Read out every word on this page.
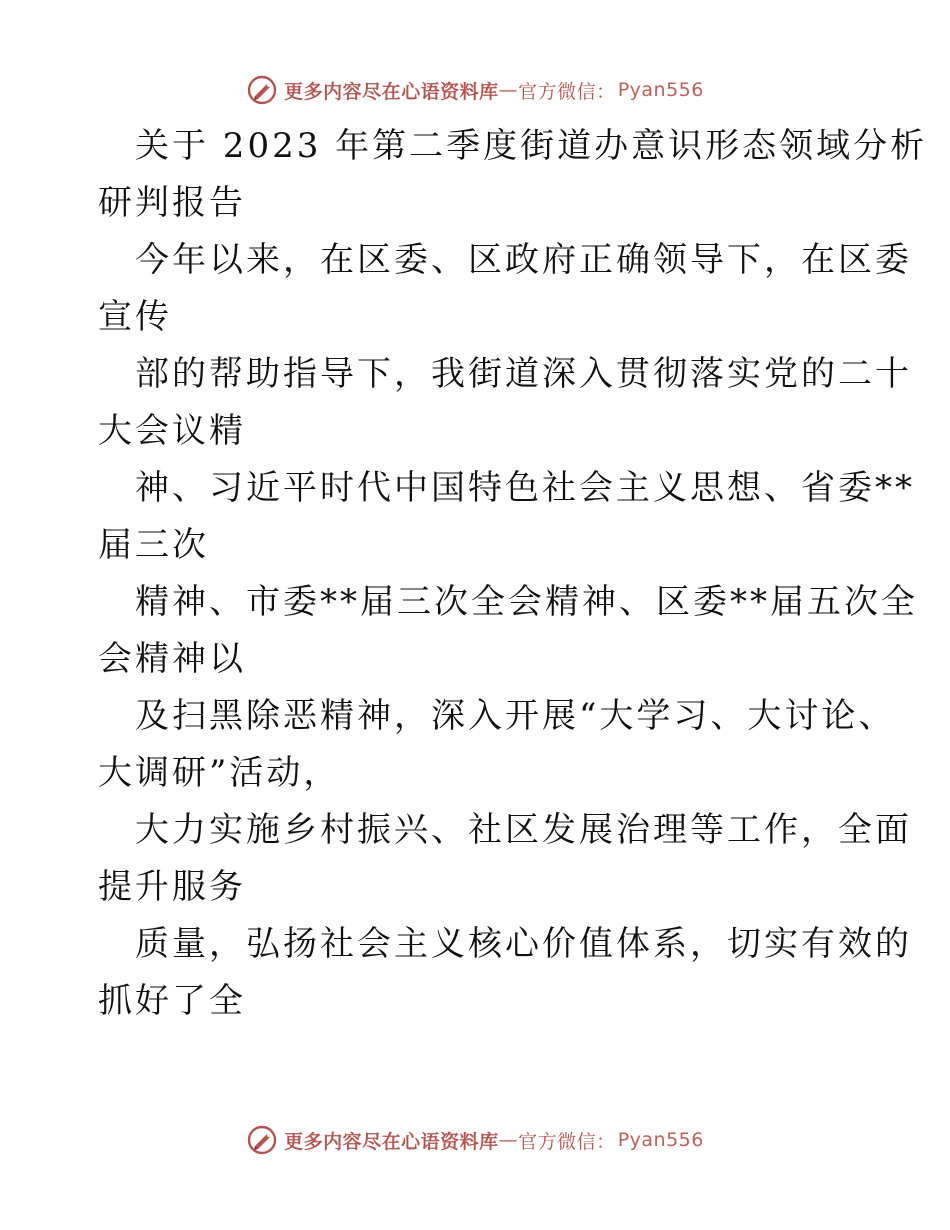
更多内容尽在心语资料库 — 官方微信： Pyan556

关于 2023 年第二季度街道办意识形态领域分析
研判报告

今年以来，在区委、区政府正确领导下，在区委
宣传

部的帮助指导下，我街道深入贯彻落实党的二十
大会议精

神、习近平时代中国特色社会主义思想、省委**
届三次

精神、市委**届三次全会精神、区委**届五次全
会精神以

及扫黑除恶精神，深入开展“大学习、大讨论、
大调研”活动，

大力实施乡村振兴、社区发展治理等工作，全面
提升服务

质量，弘扬社会主义核心价值体系，切实有效的
抓好了全

更多内容尽在心语资料库 — 官方微信： Pyan556
